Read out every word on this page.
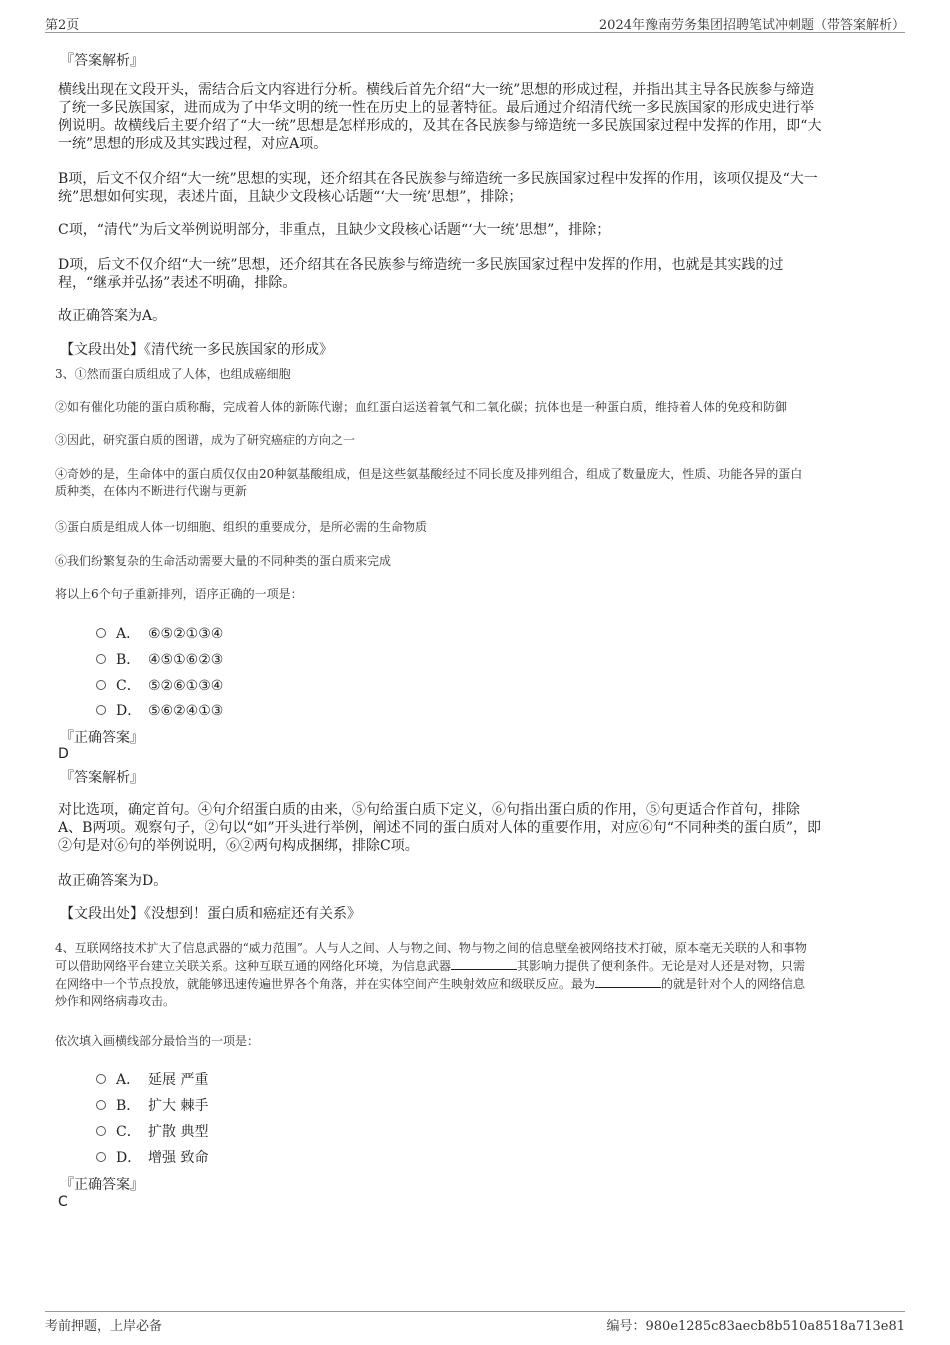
第2页	2024年豫南劳务集团招聘笔试冲刺题（带答案解析）
『答案解析』
横线出现在文段开头，需结合后文内容进行分析。横线后首先介绍“大一统”思想的形成过程，并指出其主导各民族参与缔造
了统一多民族国家，进而成为了中华文明的统一性在历史上的显著特征。最后通过介绍清代统一多民族国家的形成史进行举
例说明。故横线后主要介绍了“大一统”思想是怎样形成的，及其在各民族参与缔造统一多民族国家过程中发挥的作用，即“大
一统”思想的形成及其实践过程，对应A项。
B项，后文不仅介绍“大一统”思想的实现，还介绍其在各民族参与缔造统一多民族国家过程中发挥的作用，该项仅提及“大一
统”思想如何实现，表述片面，且缺少文段核心话题“‘大一统’思想”，排除；
C项，“清代”为后文举例说明部分，非重点，且缺少文段核心话题“‘大一统’思想”，排除；
D项，后文不仅介绍“大一统”思想，还介绍其在各民族参与缔造统一多民族国家过程中发挥的作用，也就是其实践的过
程，“继承并弘扬”表述不明确，排除。
故正确答案为A。
【文段出处】《清代统一多民族国家的形成》
3、①然而蛋白质组成了人体，也组成癌细胞
②如有催化功能的蛋白质称酶，完成着人体的新陈代谢；血红蛋白运送着氧气和二氧化碳；抗体也是一种蛋白质，维持着人体的免疫和防御
③因此，研究蛋白质的图谱，成为了研究癌症的方向之一
④奇妙的是，生命体中的蛋白质仅仅由20种氨基酸组成，但是这些氨基酸经过不同长度及排列组合，组成了数量庞大，性质、功能各异的蛋白
质种类，在体内不断进行代谢与更新
⑤蛋白质是组成人体一切细胞、组织的重要成分，是所必需的生命物质
⑥我们纷繁复杂的生命活动需要大量的不同种类的蛋白质来完成
将以上6个句子重新排列，语序正确的一项是：
A． ⑥⑤②①③④
B． ④⑤①⑥②③
C． ⑤②⑥①③④
D． ⑤⑥②④①③
『正确答案』
D
『答案解析』
对比选项，确定首句。④句介绍蛋白质的由来，⑤句给蛋白质下定义，⑥句指出蛋白质的作用，⑤句更适合作首句，排除
A、B两项。观察句子，②句以“如”开头进行举例，阐述不同的蛋白质对人体的重要作用，对应⑥句“不同种类的蛋白质”，即
②句是对⑥句的举例说明，⑥②两句构成捆绑，排除C项。
故正确答案为D。
【文段出处】《没想到！蛋白质和癌症还有关系》
4、互联网络技术扩大了信息武器的“威力范围”。人与人之间、人与物之间、物与物之间的信息壁垒被网络技术打破，原本毫无关联的人和事物
可以借助网络平台建立关联关系。这种互联互通的网络化环境，为信息武器	其影响力提供了便利条件。无论是对人还是对物，只需
在网络中一个节点投放，就能够迅速传遍世界各个角落，并在实体空间产生映射效应和级联反应。最为	的就是针对个人的网络信息
炒作和网络病毒攻击。
依次填入画横线部分最恰当的一项是：
A． 延展 严重
B． 扩大 棘手
C． 扩散 典型
D． 增强 致命
『正确答案』
C
考前押题，上岸必备	编号：980e1285c83aecb8b510a8518a713e81
